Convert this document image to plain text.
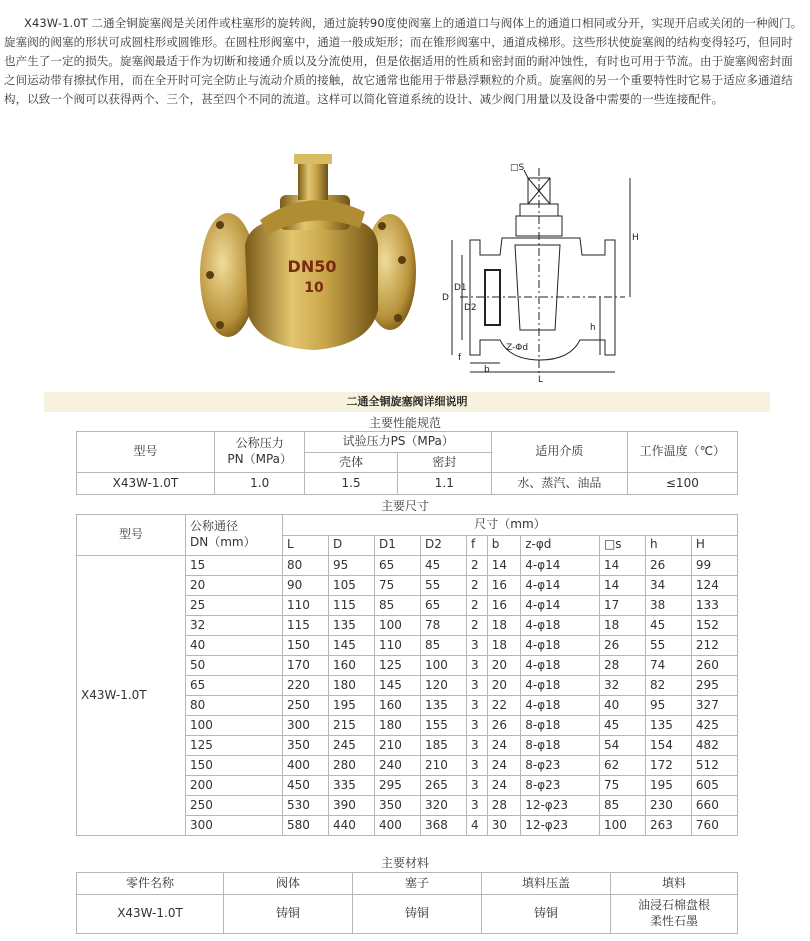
X43W-1.0T 二通全铜旋塞阀是关闭件或柱塞形的旋转阀，通过旋转90度使阀塞上的通道口与阀体上的通道口相同或分开，实现开启或关闭的一种阀门。旋塞阀的阀塞的形状可成圆柱形或圆锥形。在圆柱形阀塞中，通道一般成矩形；而在锥形阀塞中，通道成梯形。这些形状使旋塞阀的结构变得轻巧，但同时也产生了一定的损失。旋塞阀最适于作为切断和接通介质以及分流使用，但是依据适用的性质和密封面的耐冲蚀性，有时也可用于节流。由于旋塞阀密封面之间运动带有擦拭作用，而在全开时可完全防止与流动介质的接触，故它通常也能用于带悬浮颗粒的介质。旋塞阀的另一个重要特性时它易于适应多通道结构，以致一个阀可以获得两个、三个，甚至四个不同的流道。这样可以简化管道系统的设计、减少阀门用量以及设备中需要的一些连接配件。
DN50
10
□S
H
h
D
D1
D2
Z-Φd
f
b
L
二通全铜旋塞阀详细说明
主要性能规范
型号	公称压力
PN（MPa）	试验压力PS（MPa）		适用介质	工作温度（℃）
		壳体	密封		
X43W-1.0T	1.0	1.5	1.1	水、蒸汽、油品	≤100
主要尺寸
型号	公称通径
DN（mm）	尺寸（mm）									
		L	D	D1	D2	f	b	z-φd	□s	h	H
X43W-1.0T	15	80	95	65	45	2	14	4-φ14	14	26	99
	20	90	105	75	55	2	16	4-φ14	14	34	124
	25	110	115	85	65	2	16	4-φ14	17	38	133
	32	115	135	100	78	2	18	4-φ18	18	45	152
	40	150	145	110	85	3	18	4-φ18	26	55	212
	50	170	160	125	100	3	20	4-φ18	28	74	260
	65	220	180	145	120	3	20	4-φ18	32	82	295
	80	250	195	160	135	3	22	4-φ18	40	95	327
	100	300	215	180	155	3	26	8-φ18	45	135	425
	125	350	245	210	185	3	24	8-φ18	54	154	482
	150	400	280	240	210	3	24	8-φ23	62	172	512
	200	450	335	295	265	3	24	8-φ23	75	195	605
	250	530	390	350	320	3	28	12-φ23	85	230	660
	300	580	440	400	368	4	30	12-φ23	100	263	760
主要材料
零件名称	阀体	塞子	填料压盖	填料
X43W-1.0T	铸铜	铸铜	铸铜	油浸石棉盘根
柔性石墨
